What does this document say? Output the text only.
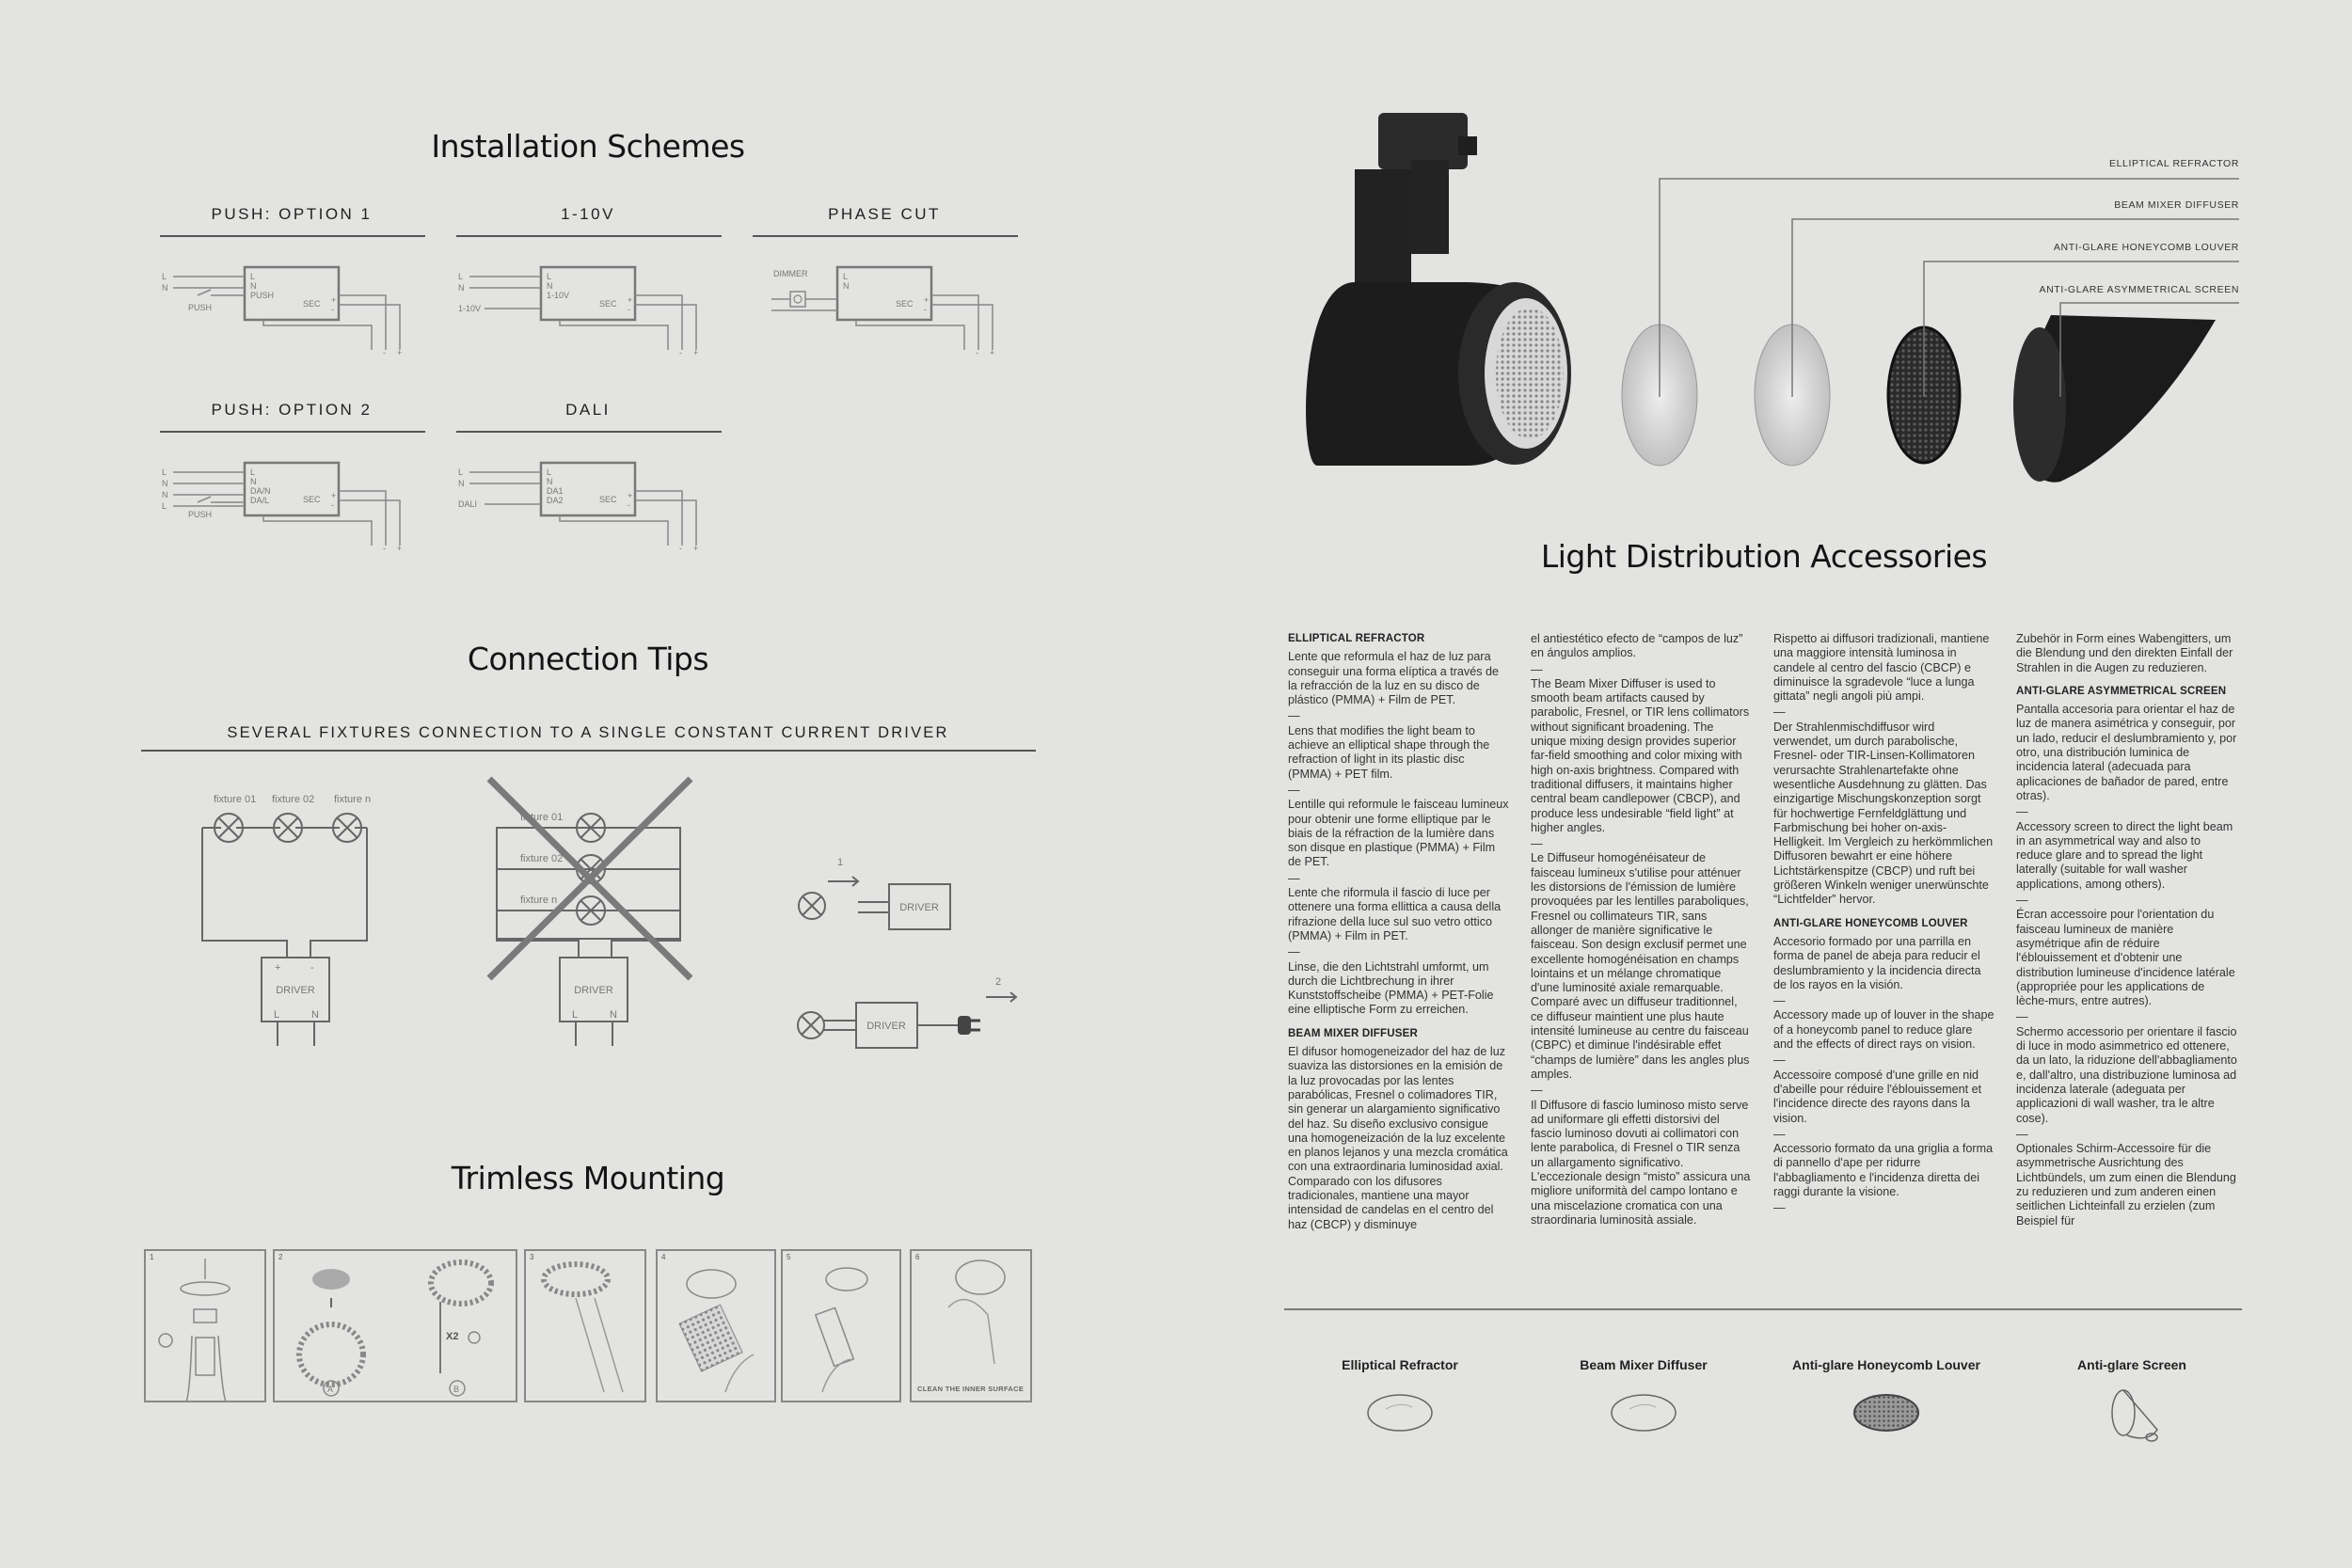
Installation Schemes
PUSH: OPTION 1
L
N
PUSH
SEC +
-
- +
L
N
PUSH
1-10V
L
N
1-10V
SEC +
-
- +
L
N
1-10V
PHASE CUT
L
N
SEC +
-
- +
DIMMER
PUSH: OPTION 2
L
N
DA/N
DA/L	SEC +
-
- +
L
N
N
L
PUSH
DALI
L
N
DA1
DA2	SEC +
-
- +
L
N
DALI
Connection Tips
SEVERAL FIXTURES CONNECTION TO A SINGLE CONSTANT CURRENT DRIVER
fixture 01 fixture 02 fixture n
DRIVER
+	-
L	N
fixture 01
fixture 02
fixture n
DRIVER
L	N
1
DRIVER
2
DRIVER
Trimless Mounting
1	2
A
X2
B
3	4	5	6
CLEAN THE INNER SURFACE
ELLIPTICAL REFRACTOR
BEAM MIXER DIFFUSER
ANTI-GLARE HONEYCOMB LOUVER
ANTI-GLARE ASYMMETRICAL SCREEN
Light Distribution Accessories
ELLIPTICAL REFRACTOR

Lente que reformula el haz de luz para conseguir una forma elíptica a través de la refracción de la luz en su disco de plástico (PMMA) + Film de PET.

—

Lens that modifies the light beam to achieve an elliptical shape through the refraction of light in its plastic disc (PMMA) + PET film.

—

Lentille qui reformule le faisceau lumineux pour obtenir une forme elliptique par le biais de la réfraction de la lumière dans son disque en plastique (PMMA) + Film de PET.

—

Lente che riformula il fascio di luce per ottenere una forma ellittica a causa della rifrazione della luce sul suo vetro ottico (PMMA) + Film in PET.

—

Linse, die den Lichtstrahl umformt, um durch die Lichtbrechung in ihrer Kunststoffscheibe (PMMA) + PET-Folie eine elliptische Form zu erreichen.

BEAM MIXER DIFFUSER

El difusor homogeneizador del haz de luz suaviza las distorsiones en la emisión de la luz provocadas por las lentes parabólicas, Fresnel o colimadores TIR, sin generar un alargamiento significativo del haz. Su diseño exclusivo consigue una homogeneización de la luz excelente en planos lejanos y una mezcla cromática con una extraordinaria luminosidad axial. Comparado con los difusores tradicionales, mantiene una mayor intensidad de candelas en el centro del haz (CBCP) y disminuye

el antiestético efecto de “campos de luz” en ángulos amplios.

—

The Beam Mixer Diffuser is used to smooth beam artifacts caused by parabolic, Fresnel, or TIR lens collimators without significant broadening. The unique mixing design provides superior far-field smoothing and color mixing with high on-axis brightness. Compared with traditional diffusers, it maintains higher central beam candlepower (CBCP), and produce less undesirable “field light” at higher angles.

—

Le Diffuseur homogénéisateur de faisceau lumineux s'utilise pour atténuer les distorsions de l'émission de lumière provoquées par les lentilles paraboliques, Fresnel ou collimateurs TIR, sans allonger de manière significative le faisceau. Son design exclusif permet une excellente homogénéisation en champs lointains et un mélange chromatique d'une luminosité axiale remarquable. Comparé avec un diffuseur traditionnel, ce diffuseur maintient une plus haute intensité lumineuse au centre du faisceau (CBPC) et diminue l'indésirable effet “champs de lumière” dans les angles plus amples.

—

Il Diffusore di fascio luminoso misto serve ad uniformare gli effetti distorsivi del fascio luminoso dovuti ai collimatori con lente parabolica, di Fresnel o TIR senza un allargamento significativo. L'eccezionale design “misto” assicura una migliore uniformità del campo lontano e una miscelazione cromatica con una straordinaria luminosità assiale.

Rispetto ai diffusori tradizionali, mantiene una maggiore intensità luminosa in candele al centro del fascio (CBCP) e diminuisce la sgradevole “luce a lunga gittata” negli angoli più ampi.

—

Der Strahlenmischdiffusor wird verwendet, um durch parabolische, Fresnel- oder TIR-Linsen-Kollimatoren verursachte Strahlenartefakte ohne wesentliche Ausdehnung zu glätten. Das einzigartige Mischungskonzeption sorgt für hochwertige Fernfeldglättung und Farbmischung bei hoher on-axis-Helligkeit. Im Vergleich zu herkömmlichen Diffusoren bewahrt er eine höhere Lichtstärkenspitze (CBCP) und ruft bei größeren Winkeln weniger unerwünschte “Lichtfelder” hervor.

ANTI-GLARE HONEYCOMB LOUVER

Accesorio formado por una parrilla en forma de panel de abeja para reducir el deslumbramiento y la incidencia directa de los rayos en la visión.

—

Accessory made up of louver in the shape of a honeycomb panel to reduce glare and the effects of direct rays on vision.

—

Accessoire composé d'une grille en nid d'abeille pour réduire l'éblouissement et l'incidence directe des rayons dans la vision.

—

Accessorio formato da una griglia a forma di pannello d'ape per ridurre l'abbagliamento e l'incidenza diretta dei raggi durante la visione.

—

Zubehör in Form eines Wabengitters, um die Blendung und den direkten Einfall der Strahlen in die Augen zu reduzieren.

ANTI-GLARE ASYMMETRICAL SCREEN

Pantalla accesoria para orientar el haz de luz de manera asimétrica y conseguir, por un lado, reducir el deslumbramiento y, por otro, una distribución luminica de incidencia lateral (adecuada para aplicaciones de bañador de pared, entre otras).

—

Accessory screen to direct the light beam in an asymmetrical way and also to reduce glare and to spread the light laterally (suitable for wall washer applications, among others).

—

Écran accessoire pour l'orientation du faisceau lumineux de manière asymétrique afin de réduire l'éblouissement et d'obtenir une distribution lumineuse d'incidence latérale (appropriée pour les applications de lèche-murs, entre autres).

—

Schermo accessorio per orientare il fascio di luce in modo asimmetrico ed ottenere, da un lato, la riduzione dell'abbagliamento e, dall'altro, una distribuzione luminosa ad incidenza laterale (adeguata per applicazioni di wall washer, tra le altre cose).

—

Optionales Schirm-Accessoire für die asymmetrische Ausrichtung des Lichtbündels, um zum einen die Blendung zu reduzieren und zum anderen einen seitlichen Lichteinfall zu erzielen (zum Beispiel für

Elliptical Refractor	Beam Mixer Diffuser	Anti-glare Honeycomb Louver	Anti-glare Screen
